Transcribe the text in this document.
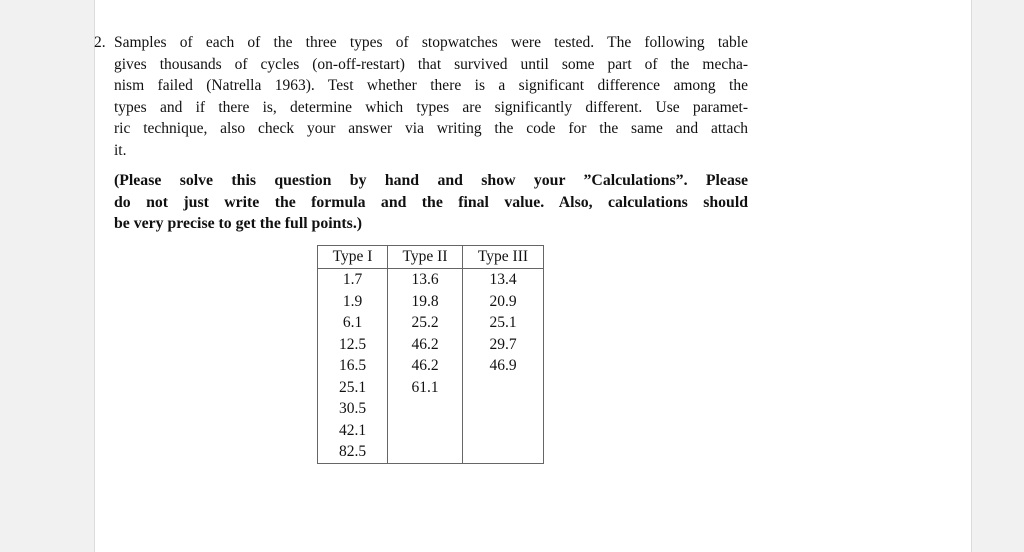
2. Samples of each of the three types of stopwatches were tested. The following table
gives thousands of cycles (on-off-restart) that survived until some part of the mecha-
nism failed (Natrella 1963). Test whether there is a significant difference among the
types and if there is, determine which types are significantly different. Use paramet-
ric technique, also check your answer via writing the code for the same and attach
it.
(Please solve this question by hand and show your ”Calculations”. Please
do not just write the formula and the final value. Also, calculations should
be very precise to get the full points.)
Type I	Type II	Type III
1.7	13.6	13.4
1.9	19.8	20.9
6.1	25.2	25.1
12.5	46.2	29.7
16.5	46.2	46.9
25.1	61.1	
30.5		
42.1		
82.5		
